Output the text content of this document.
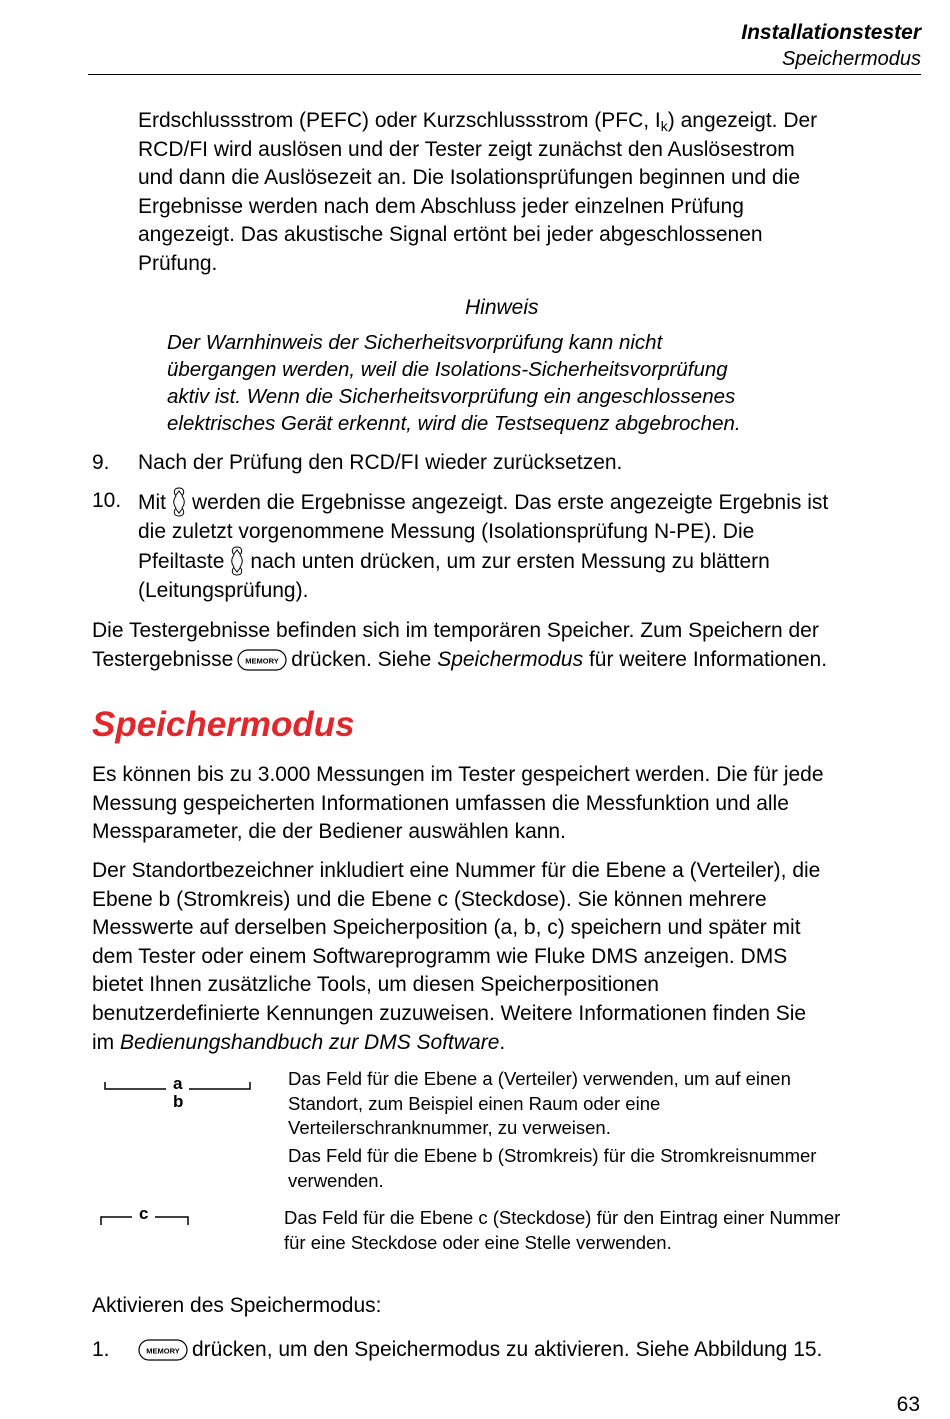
Installationstester
Speichermodus
Erdschlussstrom (PEFC) oder Kurzschlussstrom (PFC, $I_k$) angezeigt. Der
RCD/FI wird auslösen und der Tester zeigt zunächst den Auslösestrom
und dann die Auslösezeit an. Die Isolationsprüfungen beginnen und die
Ergebnisse werden nach dem Abschluss jeder einzelnen Prüfung
angezeigt. Das akustische Signal ertönt bei jeder abgeschlossenen
Prüfung.
Hinweis
Der Warnhinweis der Sicherheitsvorprüfung kann nicht
übergangen werden, weil die Isolations-Sicherheitsvorprüfung
aktiv ist. Wenn die Sicherheitsvorprüfung ein angeschlossenes
elektrisches Gerät erkennt, wird die Testsequenz abgebrochen.
9. Nach der Prüfung den RCD/FI wieder zurücksetzen.
10. Mit werden die Ergebnisse angezeigt. Das erste angezeigte Ergebnis ist
die zuletzt vorgenommene Messung (Isolationsprüfung N-PE). Die
Pfeiltaste nach unten drücken, um zur ersten Messung zu blättern
(Leitungsprüfung).
Die Testergebnisse befinden sich im temporären Speicher. Zum Speichern der
Testergebnisse MEMORY drücken. Siehe Speichermodus für weitere Informationen.
Speichermodus
Es können bis zu 3.000 Messungen im Tester gespeichert werden. Die für jede
Messung gespeicherten Informationen umfassen die Messfunktion und alle
Messparameter, die der Bediener auswählen kann.
Der Standortbezeichner inkludiert eine Nummer für die Ebene a (Verteiler), die
Ebene b (Stromkreis) und die Ebene c (Steckdose). Sie können mehrere
Messwerte auf derselben Speicherposition (a, b, c) speichern und später mit
dem Tester oder einem Softwareprogramm wie Fluke DMS anzeigen. DMS
bietet Ihnen zusätzliche Tools, um diesen Speicherpositionen
benutzerdefinierte Kennungen zuzuweisen. Weitere Informationen finden Sie
im Bedienungshandbuch zur DMS Software.
a
b
Das Feld für die Ebene a (Verteiler) verwenden, um auf einen
Standort, zum Beispiel einen Raum oder eine
Verteilerschranknummer, zu verweisen.
Das Feld für die Ebene b (Stromkreis) für die Stromkreisnummer
verwenden.
c	Das Feld für die Ebene c (Steckdose) für den Eintrag einer Nummer
für eine Steckdose oder eine Stelle verwenden.
Aktivieren des Speichermodus:
1.	MEMORY drücken, um den Speichermodus zu aktivieren. Siehe Abbildung 15.
63
